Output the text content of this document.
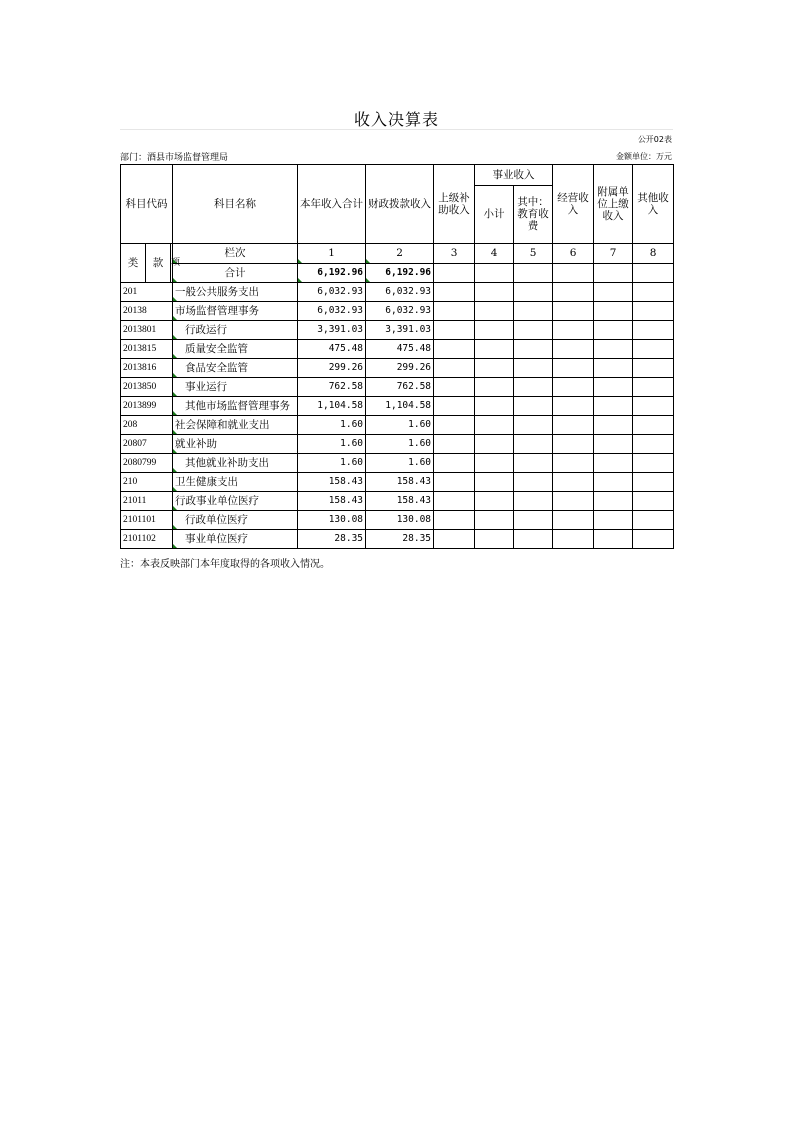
收入决算表
公开02表
部门：酒县市场监督管理局	金额单位：万元
科目代码			科目名称	本年收入合计	财政拨款收入	上级补助收入	事业收入		经营收入	附属单位上缴收入	其他收入
							小计	其中：教育收费			
类	款	项	栏次	1	2	3	4	5	6	7	8
			合计	6,192.96	6,192.96						
201			一般公共服务支出	6,032.93	6,032.93						
20138			市场监督管理事务	6,032.93	6,032.93						
2013801			行政运行	3,391.03	3,391.03						
2013815			质量安全监管	475.48	475.48						
2013816			食品安全监管	299.26	299.26						
2013850			事业运行	762.58	762.58						
2013899			其他市场监督管理事务	1,104.58	1,104.58						
208			社会保障和就业支出	1.60	1.60						
20807			就业补助	1.60	1.60						
2080799			其他就业补助支出	1.60	1.60						
210			卫生健康支出	158.43	158.43						
21011			行政事业单位医疗	158.43	158.43						
2101101			行政单位医疗	130.08	130.08						
2101102			事业单位医疗	28.35	28.35						
注：本表反映部门本年度取得的各项收入情况。
